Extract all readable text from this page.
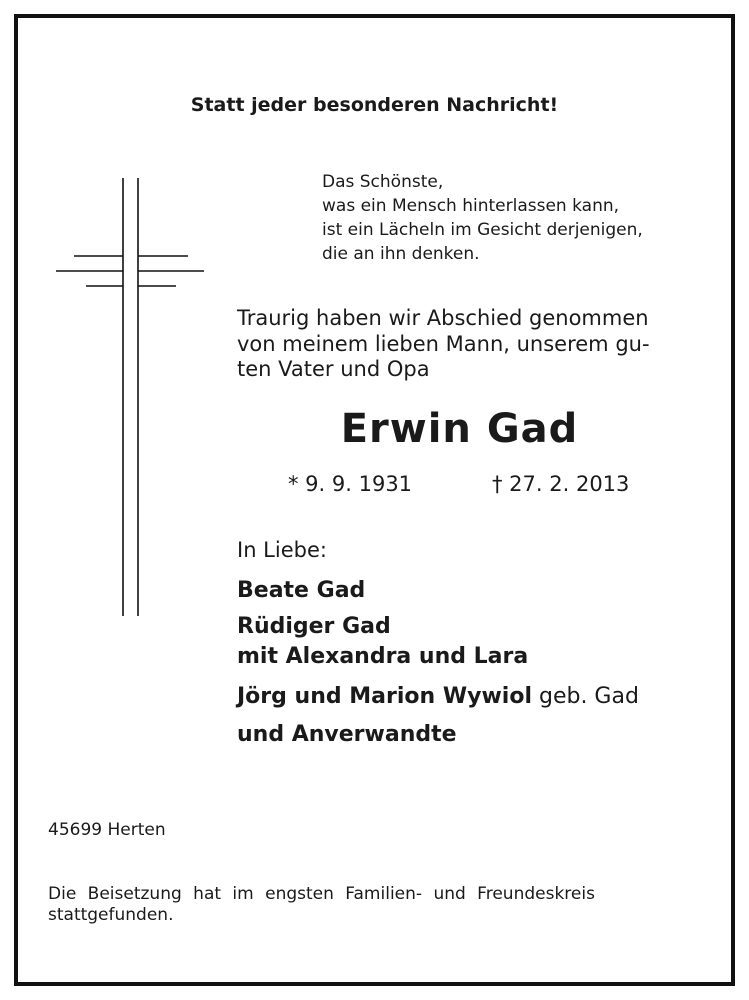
Statt jeder besonderen Nachricht!
Das Schönste,
was ein Mensch hinterlassen kann,
ist ein Lächeln im Gesicht derjenigen,
die an ihn denken.
Traurig haben wir Abschied genommen
von meinem lieben Mann, unserem gu-
ten Vater und Opa
Erwin Gad
* 9. 9. 1931	† 27. 2. 2013
In Liebe:
Beate Gad
Rüdiger Gad
mit Alexandra und Lara
Jörg und Marion Wywiol geb. Gad
und Anverwandte
45699 Herten
Die Beisetzung hat im engsten Familien- und Freundeskreis
stattgefunden.
